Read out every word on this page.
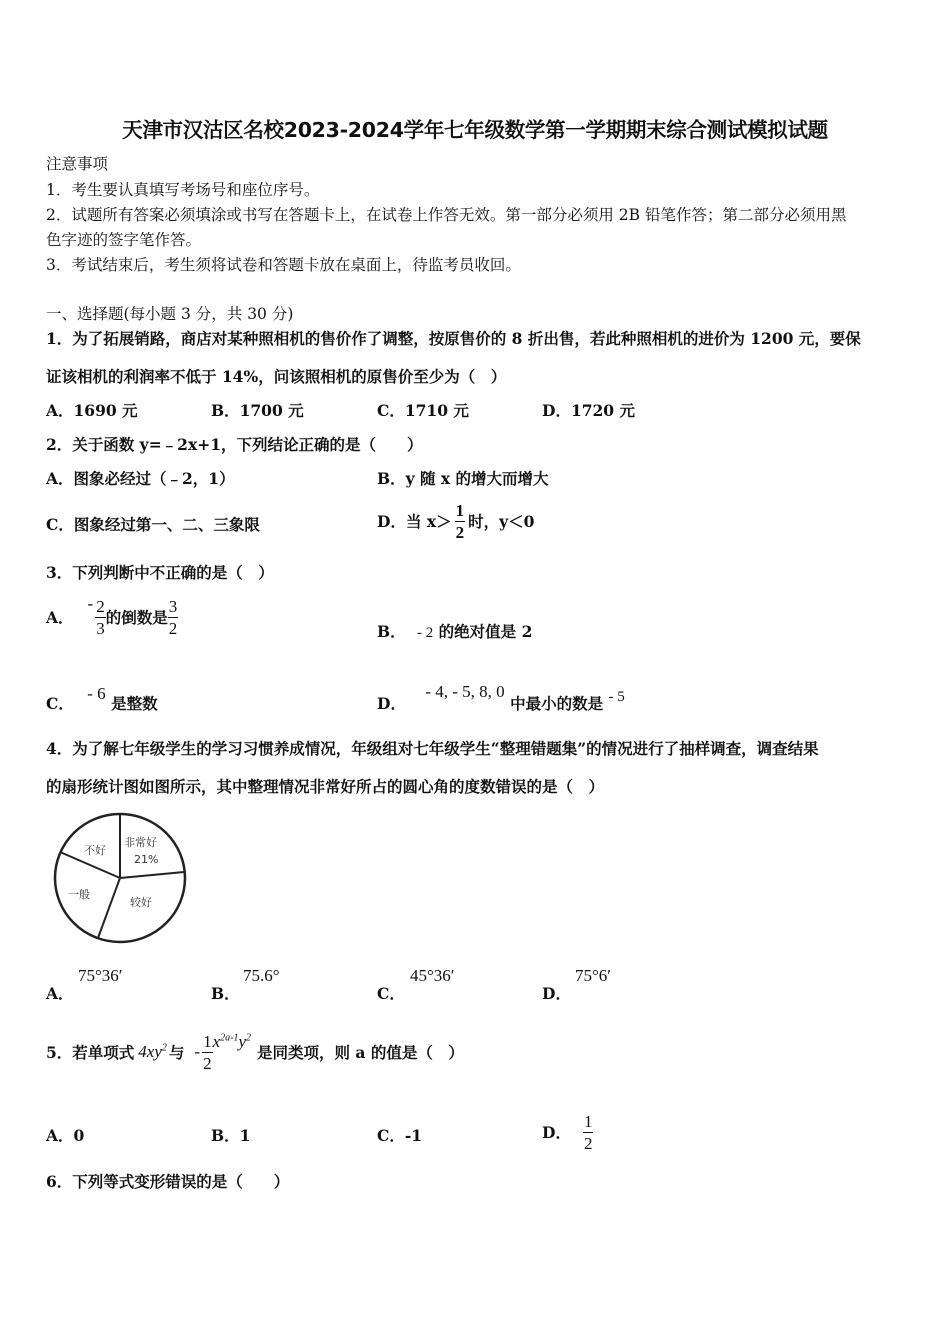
天津市汉沽区名校2023-2024学年七年级数学第一学期期末综合测试模拟试题
注意事项
1．考生要认真填写考场号和座位序号。
2．试题所有答案必须填涂或书写在答题卡上，在试卷上作答无效。第一部分必须用 2B 铅笔作答；第二部分必须用黑
色字迹的签字笔作答。
3．考试结束后，考生须将试卷和答题卡放在桌面上，待监考员收回。
一、选择题(每小题 3 分，共 30 分)
1．为了拓展销路，商店对某种照相机的售价作了调整，按原售价的 8 折出售，若此种照相机的进价为 1200 元，要保
证该相机的利润率不低于 14%，问该照相机的原售价至少为（　）
A．1690 元	B．1700 元	C．1710 元	D．1720 元
2．关于函数 y=﹣2x+1，下列结论正确的是（　　）
A．图象必经过（﹣2，1）	B．y 随 x 的增大而增大
C．图象经过第一、二、三象限	D．当 $x> \frac{1}{2}$ 时，y＜0
3．下列判断中不正确的是（　）
A．
- $\frac{2}{3}$ 的倒数是 $\frac{3}{2}$	B． - 2 的绝对值是 2
C． - 6 是整数	D． - 4, - 5, 8, 0 中最小的数是 - 5
4．为了解七年级学生的学习习惯养成情况，年级组对七年级学生“整理错题集”的情况进行了抽样调查，调查结果
的扇形统计图如图所示，其中整理情况非常好所占的圆心角的度数错误的是（　）
不好
非常好
21%
较好
一般
A．
75°36′
B．
75.6°
C．
45°36′
D．
75°6′
5．若单项式 $4xy^2$ 与 - $\frac{1}{2} x^{2a-1}y^2$
是同类项，则 a 的值是（　）
A．0	B．1	C．-1	D． $\frac{1}{2}$
6．下列等式变形错误的是（　　）
